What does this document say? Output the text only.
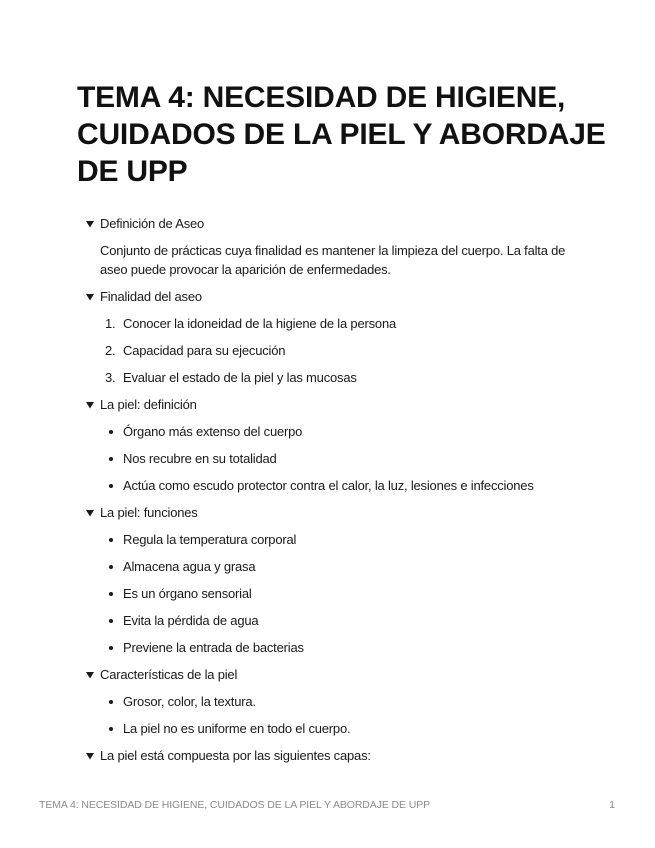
TEMA 4: NECESIDAD DE HIGIENE, CUIDADOS DE LA PIEL Y ABORDAJE DE UPP
Definición de Aseo

Conjunto de prácticas cuya finalidad es mantener la limpieza del cuerpo. La falta de aseo puede provocar la aparición de enfermedades.

Finalidad del aseo
1. Conocer la idoneidad de la higiene de la persona
2. Capacidad para su ejecución
3. Evaluar el estado de la piel y las mucosas
La piel: definición
Órgano más extenso del cuerpo
Nos recubre en su totalidad
Actúa como escudo protector contra el calor, la luz, lesiones e infecciones
La piel: funciones
Regula la temperatura corporal
Almacena agua y grasa
Es un órgano sensorial
Evita la pérdida de agua
Previene la entrada de bacterias
Características de la piel
Grosor, color, la textura.
La piel no es uniforme en todo el cuerpo.
La piel está compuesta por las siguientes capas:
TEMA 4: NECESIDAD DE HIGIENE, CUIDADOS DE LA PIEL Y ABORDAJE DE UPP	1
